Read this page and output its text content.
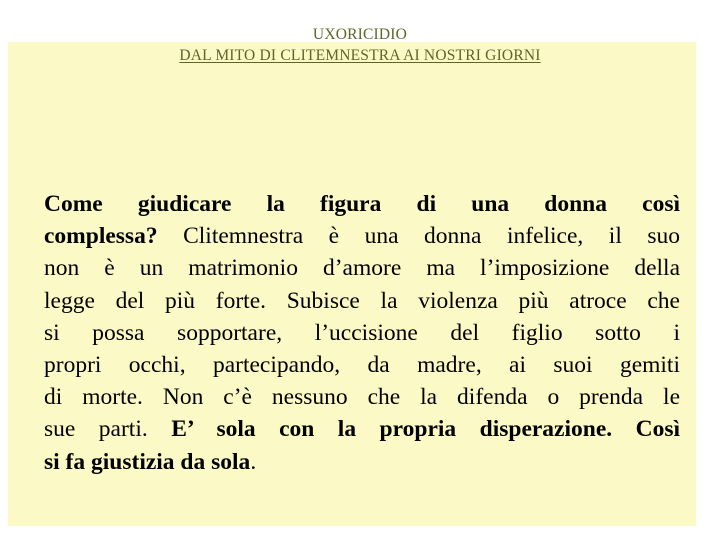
UXORICIDIO
DAL MITO DI CLITEMNESTRA AI NOSTRI GIORNI
Come giudicare la figura di una donna così
complessa? Clitemnestra è una donna infelice, il suo
non è un matrimonio d’amore ma l’imposizione della
legge del più forte. Subisce la violenza più atroce che
si possa sopportare, l’uccisione del figlio sotto i
propri occhi, partecipando, da madre, ai suoi gemiti
di morte. Non c’è nessuno che la difenda o prenda le
sue parti. E’ sola con la propria disperazione. Così
si fa giustizia da sola.
